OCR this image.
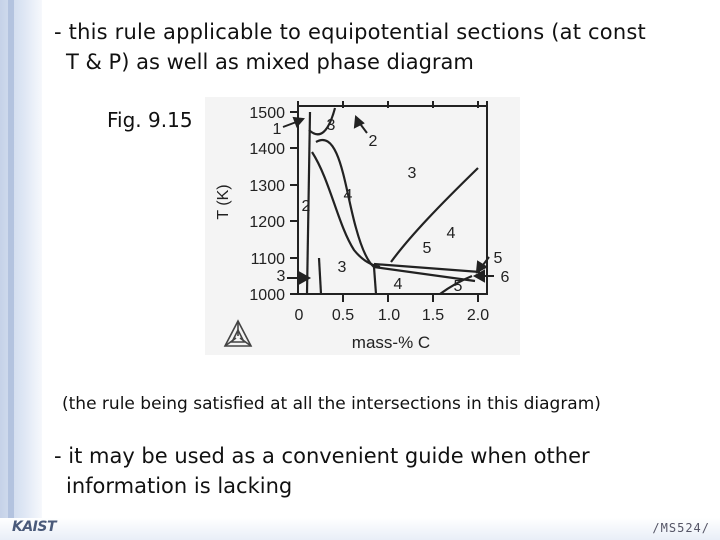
- this rule applicable to equipotential sections (at const
T & P) as well as mixed phase diagram
Fig. 9.15	1500
1400
1300
1200
1100
1000
0 0.5 1.0 1.5 2.0
T (K)
mass-% C
3
2
3
4
2
4
5
3
4	5
1
3
5
6
(the rule being satisfied at all the intersections in this diagram)
- it may be used as a convenient guide when other
information is lacking
KAIST	/MS524/
